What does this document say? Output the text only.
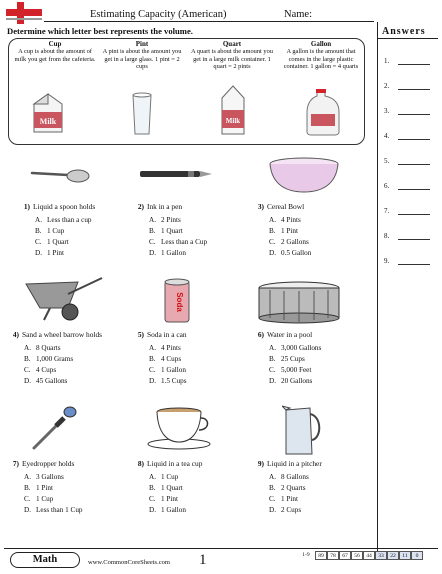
Estimating Capacity (American)	Name:
Determine which letter best represents the volume.
Cup
A cup is about the amount of milk you get from the cafeteria.
Pint
A pint is about the amount you get in a large glass. 1 pint = 2 cups
Quart
A quart is about the amount you get in a large milk container. 1 quart = 2 pints
Gallon
A gallon is the amount that comes in the large plastic container. 1 gallon = 4 quarts
Milk	Milk
Answers
1.
2.
3.
4.
5.
6.
7.
8.
9.
1) Liquid a spoon holds
A. Less than a cup
B. 1 Cup
C. 1 Quart
D. 1 Pint
2) Ink in a pen
A. 2 Pints
B. 1 Quart
C. Less than a Cup
D. 1 Gallon
3) Cereal Bowl
A. 4 Pints
B. 1 Pint
C. 2 Gallons
D. 0.5 Gallon
Soda
4) Sand a wheel barrow holds
A. 8 Quarts
B. 1,000 Grams
C. 4 Cups
D. 45 Gallons
5) Soda in a can
A. 4 Pints
B. 4 Cups
C. 1 Gallon
D. 1.5 Cups
6) Water in a pool
A. 3,000 Gallons
B. 25 Cups
C. 5,000 Feet
D. 20 Gallons
7) Eyedropper holds
A. 3 Gallons
B. 1 Pint
C. 1 Cup
D. Less than 1 Cup
8) Liquid in a tea cup
A. 1 Cup
B. 1 Quart
C. 1 Pint
D. 1 Gallon
9) Liquid in a pitcher
A. 8 Gallons
B. 2 Quarts
C. 1 Pint
D. 2 Cups
Math	www.CommonCoreSheets.com 1	1-9	89	78	67	56	44	33	22	11	0
